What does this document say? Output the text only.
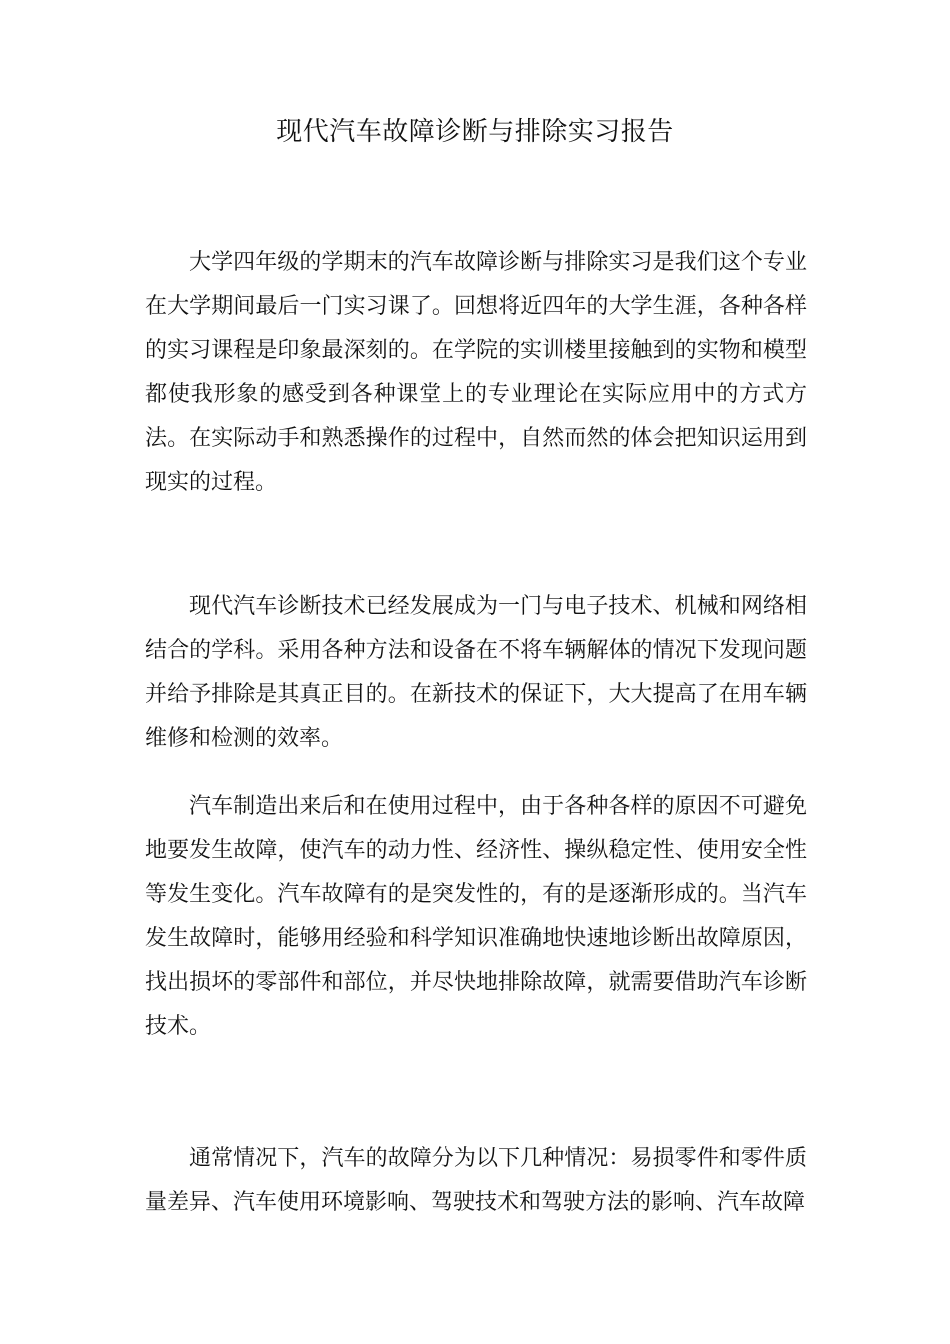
现代汽车故障诊断与排除实习报告

大学四年级的学期末的汽车故障诊断与排除实习是我们这个专业在大学期间最后一门实习课了。回想将近四年的大学生涯，各种各样的实习课程是印象最深刻的。在学院的实训楼里接触到的实物和模型都使我形象的感受到各种课堂上的专业理论在实际应用中的方式方法。在实际动手和熟悉操作的过程中，自然而然的体会把知识运用到现实的过程。

现代汽车诊断技术已经发展成为一门与电子技术、机械和网络相结合的学科。采用各种方法和设备在不将车辆解体的情况下发现问题并给予排除是其真正目的。在新技术的保证下，大大提高了在用车辆维修和检测的效率。

汽车制造出来后和在使用过程中，由于各种各样的原因不可避免地要发生故障，使汽车的动力性、经济性、操纵稳定性、使用安全性等发生变化。汽车故障有的是突发性的，有的是逐渐形成的。当汽车发生故障时，能够用经验和科学知识准确地快速地诊断出故障原因，找出损坏的零部件和部位，并尽快地排除故障，就需要借助汽车诊断技术。

通常情况下，汽车的故障分为以下几种情况：易损零件和零件质量差异、汽车使用环境影响、驾驶技术和驾驶方法的影响、汽车故障
